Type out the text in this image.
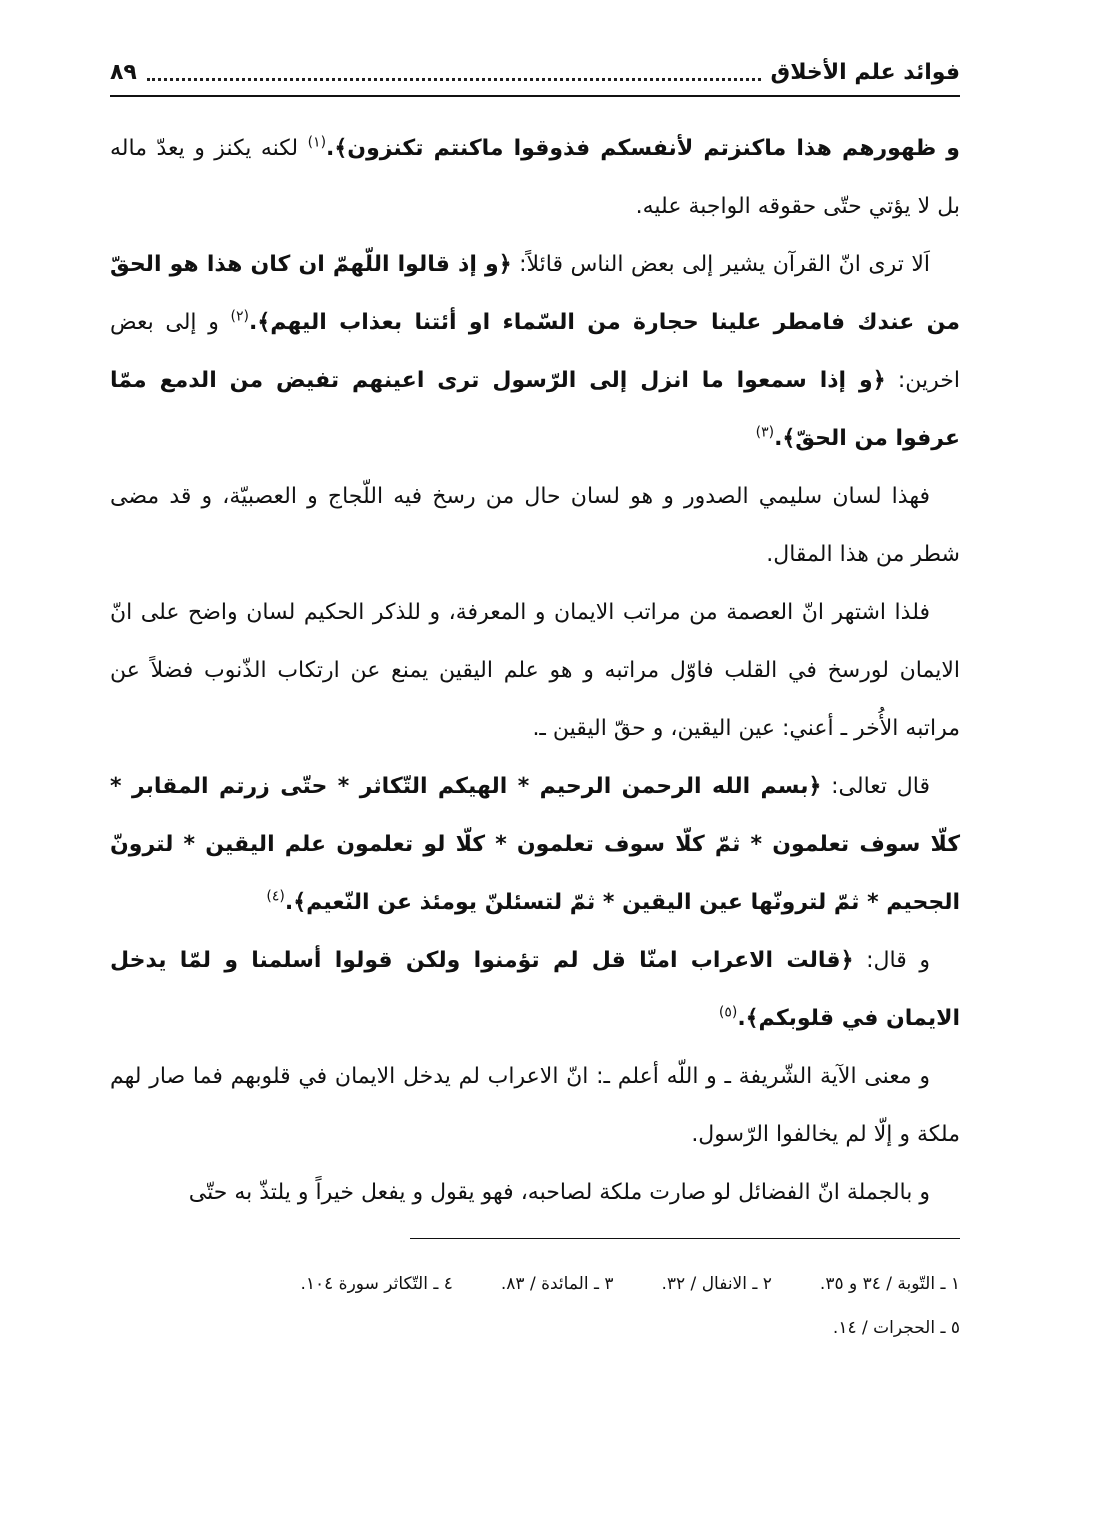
فوائد علم الأخلاق
٨٩

و ظهورهم هذا ماكنزتم لأنفسكم فذوقوا ماكنتم تكنزون﴾.$^{(١)}$ لكنه يكنز و يعدّ ماله بل لا يؤتي حتّى حقوقه الواجبة عليه.

اَلا ترى انّ القرآن يشير إلى بعض الناس قائلاً: ﴿و إذ قالوا اللّهمّ ان كان هذا هو الحقّ من عندك فامطر علينا حجارة من السّماء او أئتنا بعذاب اليهم﴾.$^{(٢)}$ و إلى بعض اخرين: ﴿و إذا سمعوا ما انزل إلى الرّسول ترى اعينهم تفيض من الدمع ممّا عرفوا من الحقّ﴾.$^{(٣)}$

فهذا لسان سليمي الصدور و هو لسان حال من رسخ فيه اللّجاج و العصبيّة، و قد مضى شطر من هذا المقال.

فلذا اشتهر انّ العصمة من مراتب الايمان و المعرفة، و للذكر الحكيم لسان واضح على انّ الايمان لورسخ في القلب فاوّل مراتبه و هو علم اليقين يمنع عن ارتكاب الذّنوب فضلاً عن مراتبه الأُخر ـ أعني: عين اليقين، و حقّ اليقين ـ.

قال تعالى: ﴿بسم الله الرحمن الرحيم * الهيكم التّكاثر * حتّى زرتم المقابر * كلّا سوف تعلمون * ثمّ كلّا سوف تعلمون * كلّا لو تعلمون علم اليقين * لترونّ الجحيم * ثمّ لترونّها عين اليقين * ثمّ لتسئلنّ يومئذ عن النّعيم﴾.$^{(٤)}$

و قال: ﴿قالت الاعراب امنّا قل لم تؤمنوا ولكن قولوا أسلمنا و لمّا يدخل الايمان في قلوبكم﴾.$^{(٥)}$

و معنى الآية الشّريفة ـ و اللّه أعلم ـ: انّ الاعراب لم يدخل الايمان في قلوبهم فما صار لهم ملكة و إلّا لم يخالفوا الرّسول.

و بالجملة انّ الفضائل لو صارت ملكة لصاحبه، فهو يقول و يفعل خيراً و يلتذّ به حتّى

١ ـ التّوبة / ٣٤ و ٣٥.
٢ ـ الانفال / ٣٢.
٣ ـ المائدة / ٨٣.
٤ ـ التّكاثر سورة ١٠٤.
٥ ـ الحجرات / ١٤.
